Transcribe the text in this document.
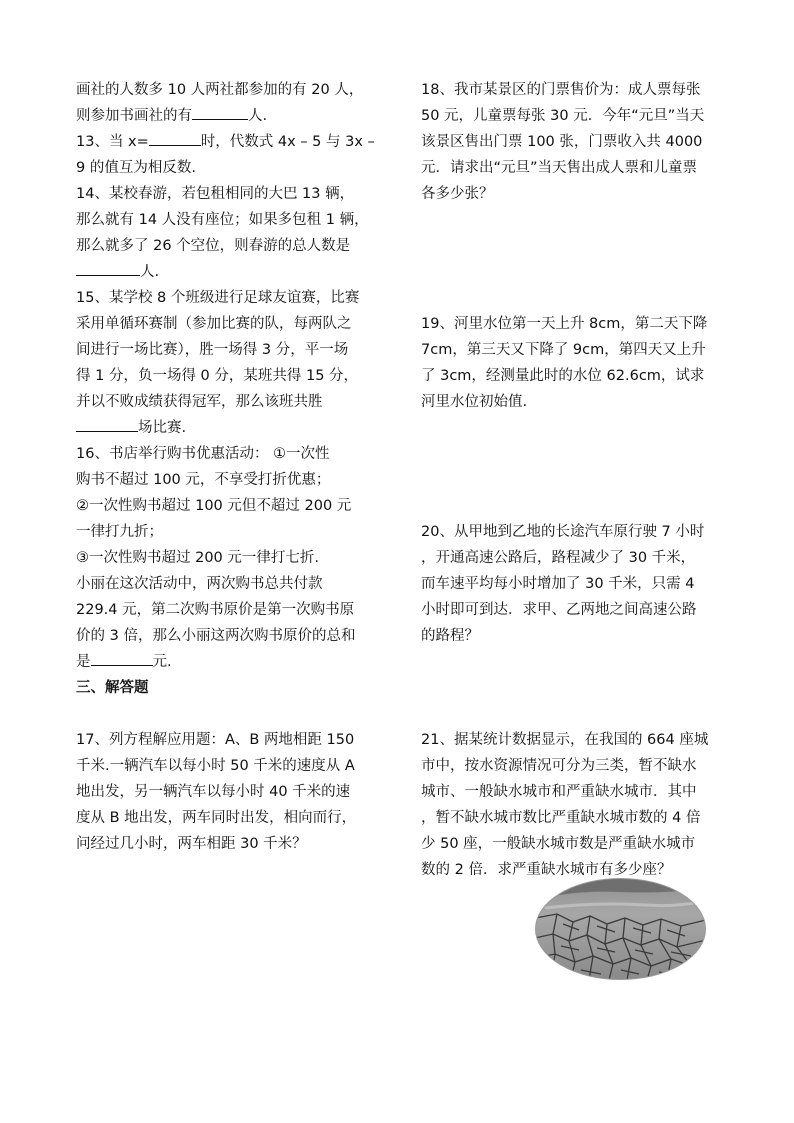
画社的人数多 10 人两社都参加的有 20 人，
则参加书画社的有	人.
13、当 x=	时，代数式 4x – 5 与 3x –
9 的值互为相反数.
14、某校春游，若包租相同的大巴 13 辆，
那么就有 14 人没有座位；如果多包租 1 辆，
那么就多了 26 个空位，则春游的总人数是
人.
15、某学校 8 个班级进行足球友谊赛，比赛
采用单循环赛制（参加比赛的队，每两队之
间进行一场比赛），胜一场得 3 分，平一场
得 1 分，负一场得 0 分，某班共得 15 分，
并以不败成绩获得冠军，那么该班共胜
场比赛.
16、书店举行购书优惠活动： ①一次性
购书不超过 100 元，不享受打折优惠；
②一次性购书超过 100 元但不超过 200 元
一律打九折；
③一次性购书超过 200 元一律打七折.
小丽在这次活动中，两次购书总共付款
229.4 元，第二次购书原价是第一次购书原
价的 3 倍，那么小丽这两次购书原价的总和
是	元.
三、解答题
17、列方程解应用题：A、B 两地相距 150
千米.一辆汽车以每小时 50 千米的速度从 A
地出发，另一辆汽车以每小时 40 千米的速
度从 B 地出发，两车同时出发，相向而行，
问经过几小时，两车相距 30 千米？
18、我市某景区的门票售价为：成人票每张
50 元，儿童票每张 30 元．今年“元旦”当天
该景区售出门票 100 张，门票收入共 4000
元．请求出“元旦”当天售出成人票和儿童票
各多少张？
19、河里水位第一天上升 8cm，第二天下降
7cm，第三天又下降了 9cm，第四天又上升
了 3cm，经测量此时的水位 62.6cm，试求
河里水位初始值.
20、从甲地到乙地的长途汽车原行驶 7 小时
，开通高速公路后，路程减少了 30 千米，
而车速平均每小时增加了 30 千米，只需 4
小时即可到达．求甲、乙两地之间高速公路
的路程？
21、据某统计数据显示，在我国的 664 座城
市中，按水资源情况可分为三类，暂不缺水
城市、一般缺水城市和严重缺水城市．其中
，暂不缺水城市数比严重缺水城市数的 4 倍
少 50 座，一般缺水城市数是严重缺水城市
数的 2 倍．求严重缺水城市有多少座？
